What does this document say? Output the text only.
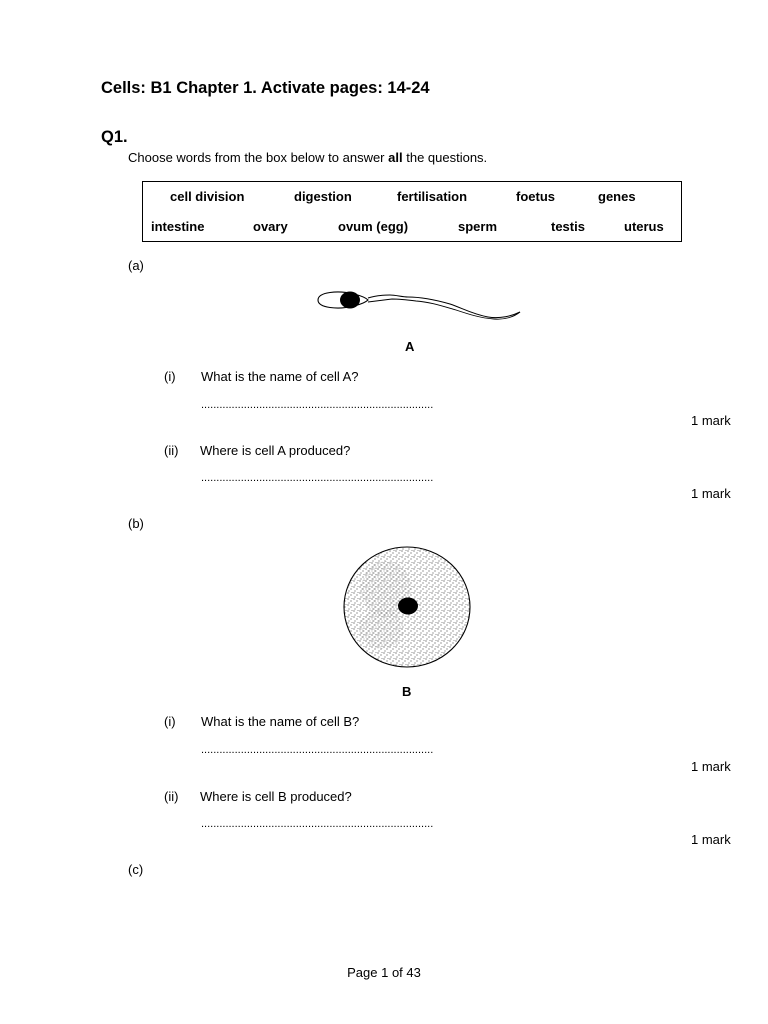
Cells: B1 Chapter 1. Activate pages: 14-24
Q1.
Choose words from the box below to answer all the questions.
cell division	digestion	fertilisation	foetus	genes
intestine	ovary	ovum (egg)	sperm	testis	uterus
(a)
A
(i) What is the name of cell A?
............................................................................
1 mark
(ii) Where is cell A produced?
............................................................................
1 mark
(b)
B
(i) What is the name of cell B?
............................................................................
1 mark
(ii) Where is cell B produced?
............................................................................
1 mark
(c)
Page 1 of 43
